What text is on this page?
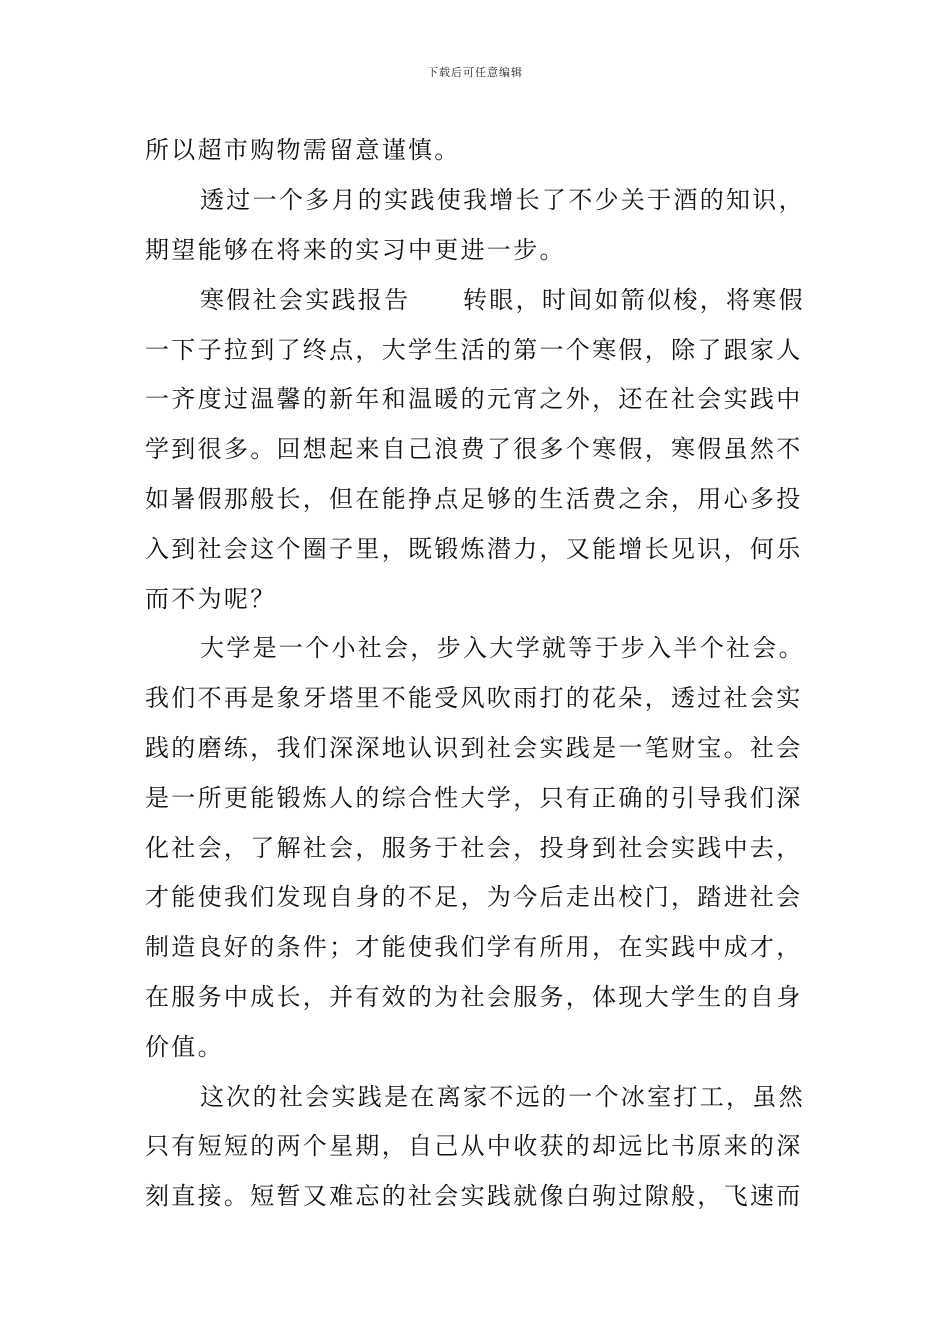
下载后可任意编辑
所以超市购物需留意谨慎。
透过一个多月的实践使我增长了不少关于酒的知识，
期望能够在将来的实习中更进一步。
寒假社会实践报告　　转眼，时间如箭似梭，将寒假
一下子拉到了终点，大学生活的第一个寒假，除了跟家人
一齐度过温馨的新年和温暖的元宵之外，还在社会实践中
学到很多。回想起来自己浪费了很多个寒假，寒假虽然不
如暑假那般长，但在能挣点足够的生活费之余，用心多投
入到社会这个圈子里，既锻炼潜力，又能增长见识，何乐
而不为呢？
大学是一个小社会，步入大学就等于步入半个社会。
我们不再是象牙塔里不能受风吹雨打的花朵，透过社会实
践的磨练，我们深深地认识到社会实践是一笔财宝。社会
是一所更能锻炼人的综合性大学，只有正确的引导我们深
化社会，了解社会，服务于社会，投身到社会实践中去，
才能使我们发现自身的不足，为今后走出校门，踏进社会
制造良好的条件；才能使我们学有所用，在实践中成才，
在服务中成长，并有效的为社会服务，体现大学生的自身
价值。
这次的社会实践是在离家不远的一个冰室打工，虽然
只有短短的两个星期，自己从中收获的却远比书原来的深
刻直接。短暂又难忘的社会实践就像白驹过隙般，飞速而
